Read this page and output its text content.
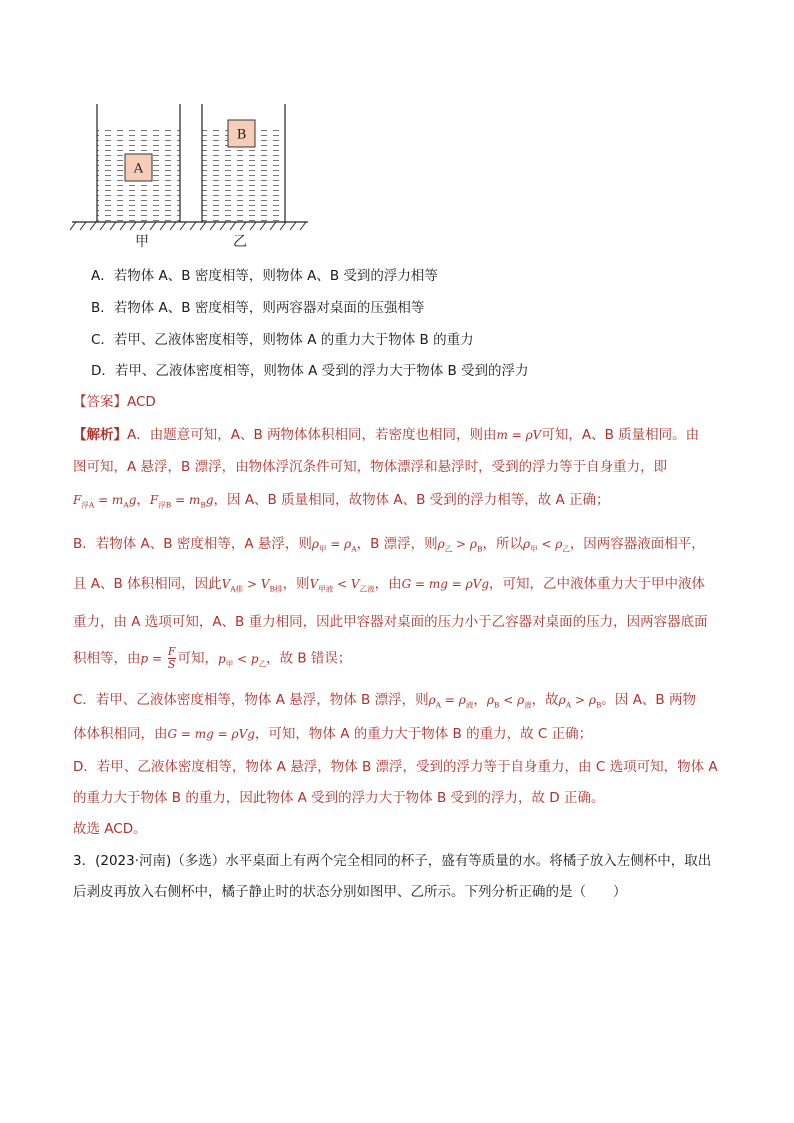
A
B
甲	乙
A．若物体 A、B 密度相等，则物体 A、B 受到的浮力相等
B．若物体 A、B 密度相等，则两容器对桌面的压强相等
C．若甲、乙液体密度相等，则物体 A 的重力大于物体 B 的重力
D．若甲、乙液体密度相等，则物体 A 受到的浮力大于物体 B 受到的浮力
【答案】ACD
【解析】A．由题意可知，A、B 两物体体积相同，若密度也相同，则由m = ρV可知，A、B 质量相同。由
图可知，A 悬浮，B 漂浮，由物体浮沉条件可知，物体漂浮和悬浮时，受到的浮力等于自身重力，即
$F_{浮A} = m_Ag$，$F_{浮B} = m_Bg$，因 A、B 质量相同，故物体 A、B 受到的浮力相等，故 A 正确；
B．若物体 A、B 密度相等，A 悬浮，则$\rho_甲 = \rho_A$，B 漂浮，则$\rho_乙 > \rho_B$，所以$\rho_甲 < \rho_乙$，因两容器液面相平，
且 A、B 体积相同，因此$V_{A排} > V_{B排}$，则$V_{甲液} < V_{乙液}$，由G = mg = ρVg，可知，乙中液体重力大于甲中液体
重力，由 A 选项可知，A、B 重力相同，因此甲容器对桌面的压力小于乙容器对桌面的压力，因两容器底面
积相等，由$p = \frac{F}{S}$ 可知，$p_甲 < p_乙$，故 B 错误；
C．若甲、乙液体密度相等，物体 A 悬浮，物体 B 漂浮，则$\rho_A = \rho_液$，$\rho_B < \rho_液$，故$\rho_A > \rho_B$。因 A、B 两物
体体积相同，由G = mg = ρVg，可知，物体 A 的重力大于物体 B 的重力，故 C 正确；
D．若甲、乙液体密度相等，物体 A 悬浮，物体 B 漂浮，受到的浮力等于自身重力，由 C 选项可知，物体 A
的重力大于物体 B 的重力，因此物体 A 受到的浮力大于物体 B 受到的浮力，故 D 正确。
故选 ACD。
3．(2023·河南)（多选）水平桌面上有两个完全相同的杯子，盛有等质量的水。将橘子放入左侧杯中，取出
后剥皮再放入右侧杯中，橘子静止时的状态分别如图甲、乙所示。下列分析正确的是（　　）
